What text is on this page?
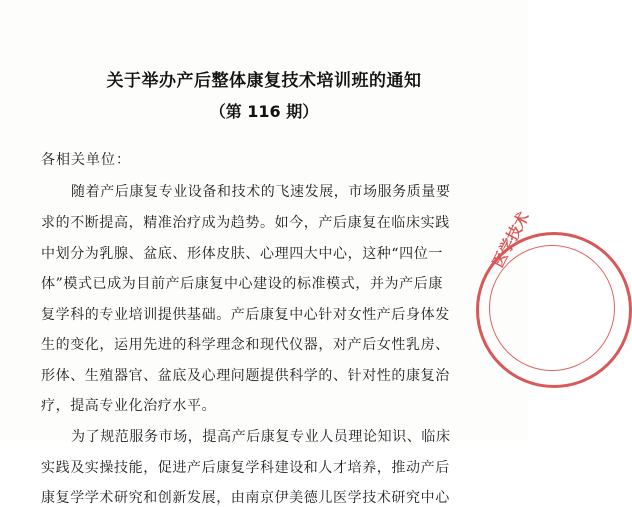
关于举办产后整体康复技术培训班的通知
（第 116 期）
各相关单位：
随着产后康复专业设备和技术的飞速发展，市场服务质量要
求的不断提高，精准治疗成为趋势。如今，产后康复在临床实践
中划分为乳腺、盆底、形体皮肤、心理四大中心，这种“四位一
体”模式已成为目前产后康复中心建设的标准模式，并为产后康
复学科的专业培训提供基础。产后康复中心针对女性产后身体发
生的变化，运用先进的科学理念和现代仪器，对产后女性乳房、
形体、生殖器官、盆底及心理问题提供科学的、针对性的康复治
疗，提高专业化治疗水平。
为了规范服务市场，提高产后康复专业人员理论知识、临床
实践及实操技能，促进产后康复学科建设和人才培养，推动产后
康复学学术研究和创新发展，由南京伊美德儿医学技术研究中心
医学技术
